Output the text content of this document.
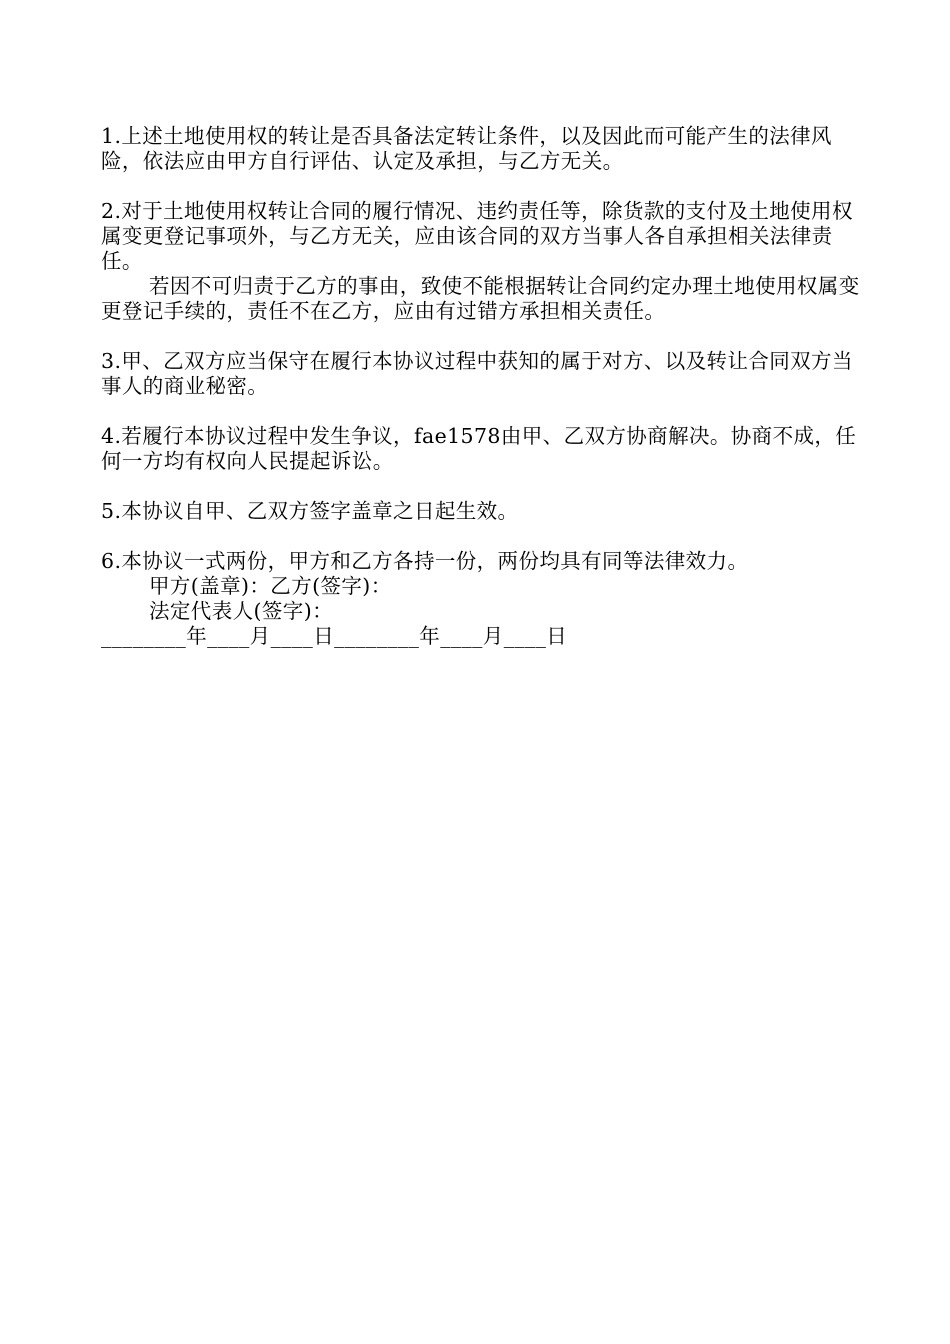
1.上述土地使用权的转让是否具备法定转让条件，以及因此而可能产生的法律风险，依法应由甲方自行评估、认定及承担，与乙方无关。

2.对于土地使用权转让合同的履行情况、违约责任等，除货款的支付及土地使用权属变更登记事项外，与乙方无关，应由该合同的双方当事人各自承担相关法律责任。

若因不可归责于乙方的事由，致使不能根据转让合同约定办理土地使用权属变更登记手续的，责任不在乙方，应由有过错方承担相关责任。

3.甲、乙双方应当保守在履行本协议过程中获知的属于对方、以及转让合同双方当事人的商业秘密。

4.若履行本协议过程中发生争议，fae1578由甲、乙双方协商解决。协商不成，任何一方均有权向人民提起诉讼。

5.本协议自甲、乙双方签字盖章之日起生效。

6.本协议一式两份，甲方和乙方各持一份，两份均具有同等法律效力。

甲方(盖章)：乙方(签字)：

法定代表人(签字)：

________年____月____日________年____月____日
